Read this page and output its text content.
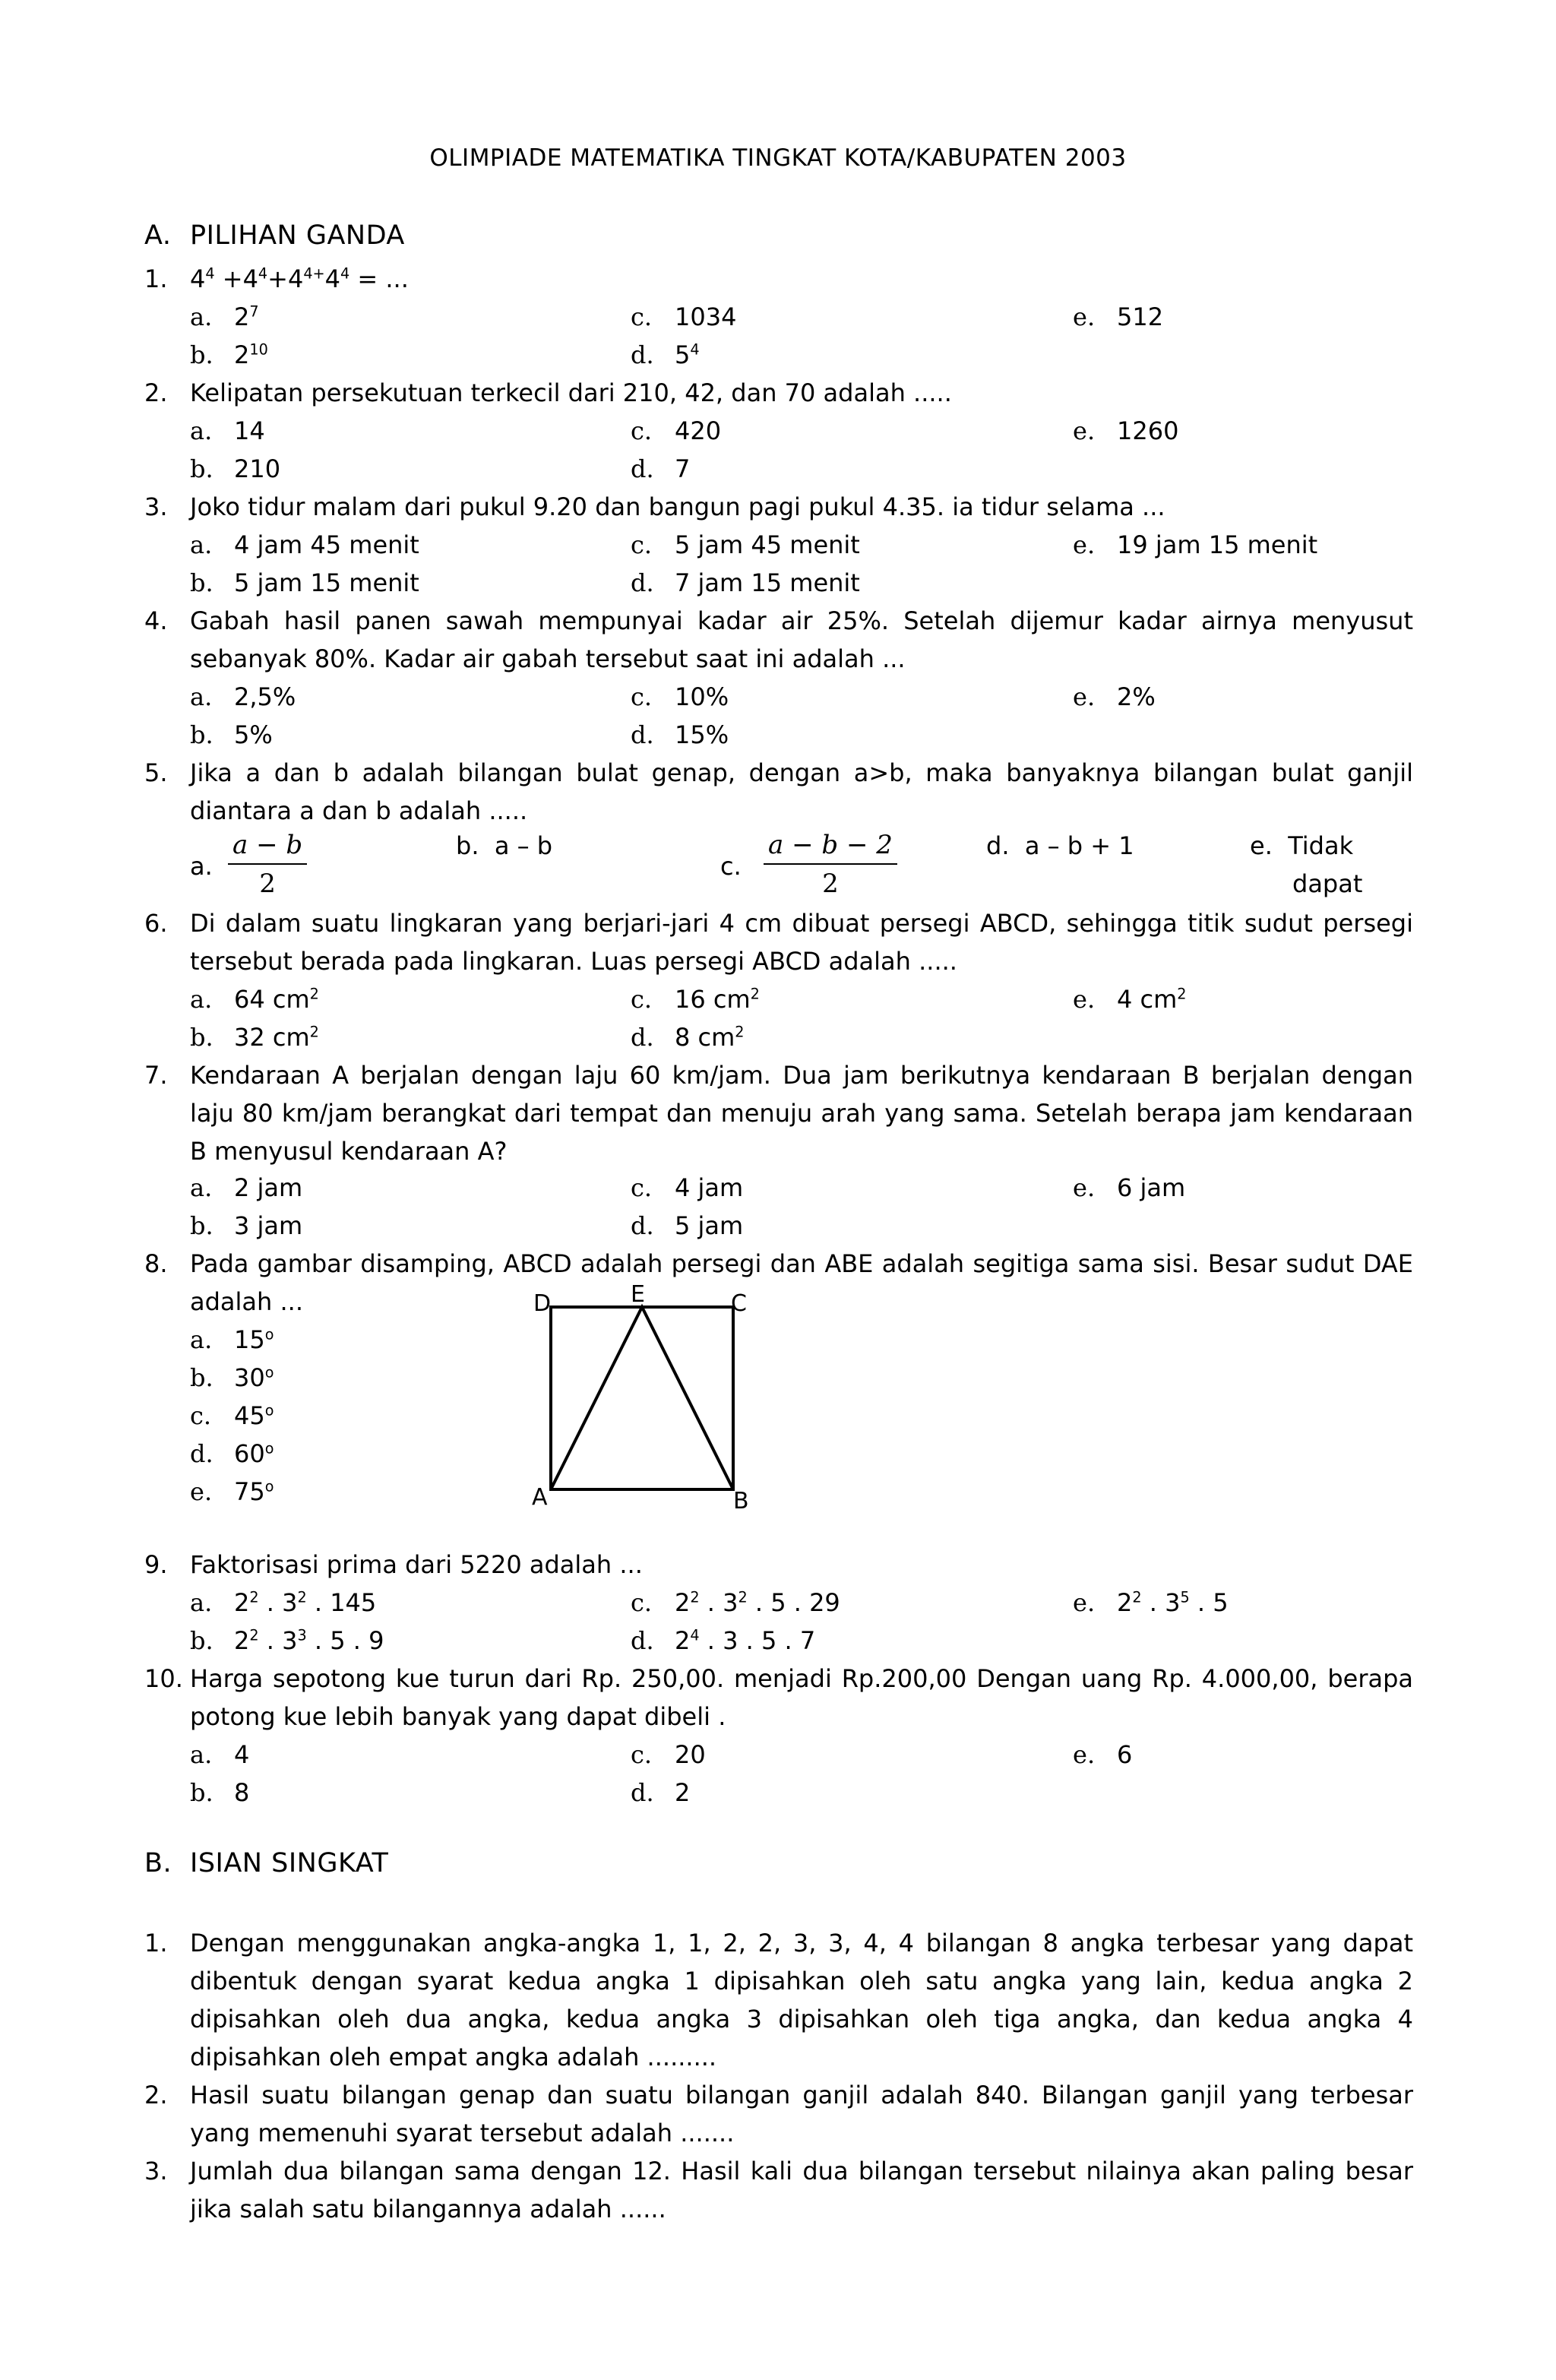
OLIMPIADE MATEMATIKA TINGKAT KOTA/KABUPATEN 2003
A. PILIHAN GANDA
1. $4^4 +4^4+4^{4+}4^4$ = ...
a. $2^7$	c. 1034	e. 512
b. $2^{10}$	d. $5^4$
2. Kelipatan persekutuan terkecil dari 210, 42, dan 70 adalah .....
a. 14	c. 420	e. 1260
b. 210	d. 7
3. Joko tidur malam dari pukul 9.20 dan bangun pagi pukul 4.35. ia tidur selama ...
a. 4 jam 45 menit	c. 5 jam 45 menit	e. 19 jam 15 menit
b. 5 jam 15 menit	d. 7 jam 15 menit
4. Gabah hasil panen sawah mempunyai kadar air 25%. Setelah dijemur kadar airnya menyusut sebanyak 80%. Kadar air gabah tersebut saat ini adalah ...
a. 2,5%	c. 10%	e. 2%
b. 5%	d. 15%
5. Jika a dan b adalah bilangan bulat genap, dengan a>b, maka banyaknya bilangan bulat ganjil diantara a dan b adalah .....
a. $\frac{a - b}{2}$	b.  a – b
c. $\frac{a - b - 2}{2}$	d.  a – b + 1	e.  Tidak
dapat
6. Di dalam suatu lingkaran yang berjari-jari 4 cm dibuat persegi ABCD, sehingga titik sudut persegi tersebut berada pada lingkaran. Luas persegi ABCD adalah .....
a. 64 $cm^2$	c. 16 $cm^2$	e. 4 $cm^2$
b. 32 $cm^2$	d. 8 $cm^2$
7. Kendaraan A berjalan dengan laju 60 km/jam. Dua jam berikutnya kendaraan B berjalan dengan laju 80 km/jam berangkat dari tempat dan menuju arah yang sama. Setelah berapa jam kendaraan B menyusul kendaraan A?
a. 2 jam	c. 4 jam	e. 6 jam
b. 3 jam	d. 5 jam
8. Pada gambar disamping, ABCD adalah persegi dan ABE adalah segitiga sama sisi. Besar sudut DAE adalah ...
a. 15$^o$
b. 30$^o$
c. 45$^o$
d. 60$^o$
e. 75$^o$
D	E	C
A	B
9. Faktorisasi prima dari 5220 adalah ...
a. $2^2$ . $3^2$ . 145	c. $2^2$ . $3^2$ . 5 . 29	e. $2^2$ . $3^5$ . 5
b. $2^2$ . $3^3$ . 5 . 9	d. $2^4$ . 3 . 5 . 7
10. Harga sepotong kue turun dari Rp. 250,00. menjadi Rp.200,00 Dengan uang Rp. 4.000,00, berapa potong kue lebih banyak yang dapat dibeli .
a. 4	c. 20	e. 6
b. 8	d. 2
B. ISIAN SINGKAT
1. Dengan menggunakan angka-angka 1, 1, 2, 2, 3, 3, 4, 4 bilangan 8 angka terbesar yang dapat dibentuk dengan syarat kedua angka 1 dipisahkan oleh satu angka yang lain, kedua angka 2 dipisahkan oleh dua angka, kedua angka 3 dipisahkan oleh tiga angka, dan kedua angka 4 dipisahkan oleh empat angka adalah .........
2. Hasil suatu bilangan genap dan suatu bilangan ganjil adalah 840. Bilangan ganjil yang terbesar yang memenuhi syarat tersebut adalah .......
3. Jumlah dua bilangan sama dengan 12. Hasil kali dua bilangan tersebut nilainya akan paling besar jika salah satu bilangannya adalah ......
